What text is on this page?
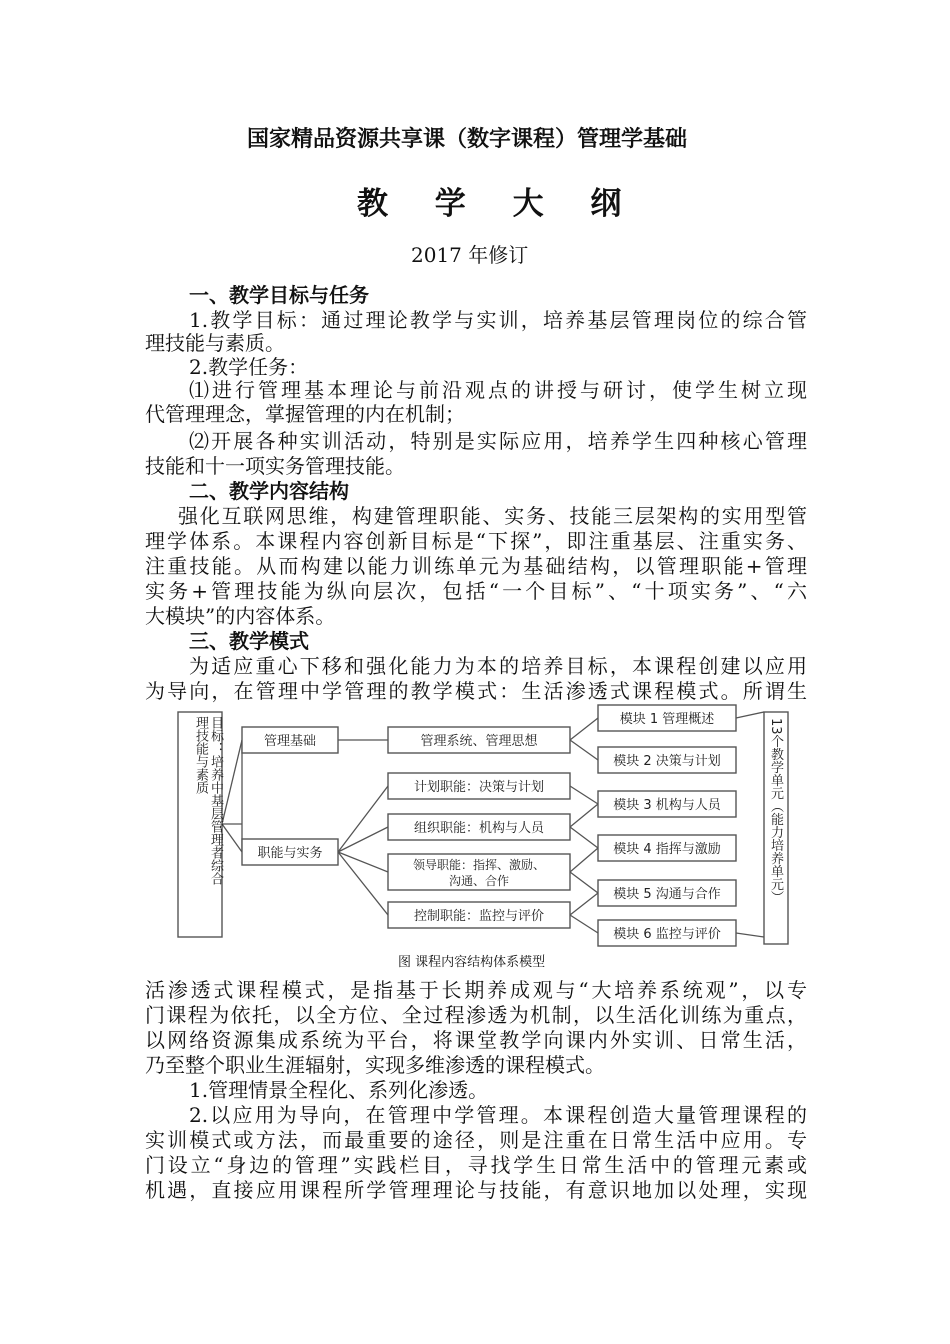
国家精品资源共享课（数字课程）管理学基础
教 学 大 纲
2017 年修订
一、教学目标与任务
1.教学目标：通过理论教学与实训，培养基层管理岗位的综合管
理技能与素质。
2.教学任务：
⑴进行管理基本理论与前沿观点的讲授与研讨，使学生树立现
代管理理念，掌握管理的内在机制；
⑵开展各种实训活动，特别是实际应用，培养学生四种核心管理
技能和十一项实务管理技能。
二、教学内容结构
强化互联网思维，构建管理职能、实务、技能三层架构的实用型管
理学体系。本课程内容创新目标是“下探”，即注重基层、注重实务、
注重技能。从而构建以能力训练单元为基础结构，以管理职能+管理
实务+管理技能为纵向层次，包括“一个目标”、“十项实务”、“六
大模块”的内容体系。
三、教学模式
为适应重心下移和强化能力为本的培养目标，本课程创建以应用
为导向，在管理中学管理的教学模式：生活渗透式课程模式。所谓生
管理基础
职能与实务
管理系统、管理思想
计划职能：决策与计划
组织职能：机构与人员
领导职能：指挥、激励、
沟通、合作
控制职能：监控与评价
模块 1 管理概述
模块 2 决策与计划
模块 3 机构与人员
模块 4 指挥与激励
模块 5 沟通与合作
模块 6 监控与评价
目标：培养中基层管理者综合
理技能与素质	13个教学单元（能力培养单元）
图 课程内容结构体系模型
活渗透式课程模式，是指基于长期养成观与“大培养系统观”，以专
门课程为依托，以全方位、全过程渗透为机制，以生活化训练为重点，
以网络资源集成系统为平台，将课堂教学向课内外实训、日常生活，
乃至整个职业生涯辐射，实现多维渗透的课程模式。
1.管理情景全程化、系列化渗透。
2.以应用为导向，在管理中学管理。本课程创造大量管理课程的
实训模式或方法，而最重要的途径，则是注重在日常生活中应用。专
门设立“身边的管理”实践栏目，寻找学生日常生活中的管理元素或
机遇，直接应用课程所学管理理论与技能，有意识地加以处理，实现
